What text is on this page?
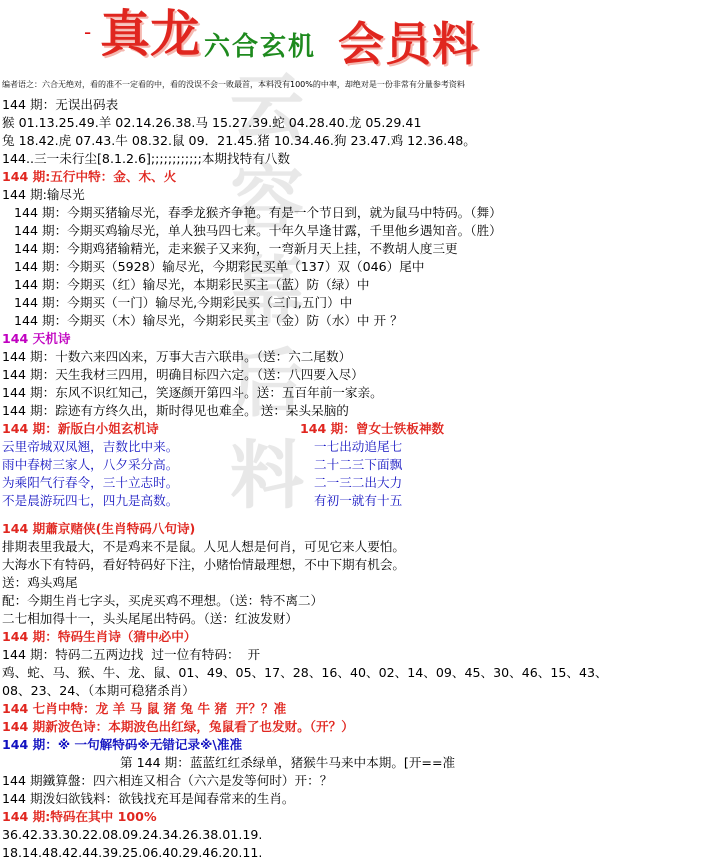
- 真龙 六合玄机 会员料
云
容
幕
后
料
编者语之：六合无绝对，看的准不一定看的中，看的没误不会一败最首，本料没有100%的中率，却绝对是一份非常有分量参考资料
144 期：无误出码表
猴 01.13.25.49.羊 02.14.26.38.马 15.27.39.蛇 04.28.40.龙 05.29.41
兔 18.42.虎 07.43.牛 08.32.鼠 09．21.45.猪 10.34.46.狗 23.47.鸡 12.36.48。
144..三一未行尘[8.1.2.6];;;;;;;;;;;;本期找特有八数
144 期:五行中特：金、木、火
144 期:输尽光
144 期：今期买猪输尽光，春季龙猴齐争艳。有是一个节日到，就为鼠马中特码。（舞）
144 期：今期买鸡输尽光，单人独马四七来。十年久旱逢甘露，千里他乡遇知音。（胜）
144 期：今期鸡猪输精光，走来猴子又来狗，一弯新月天上挂，不教胡人度三更
144 期：今期买（5928）输尽光，今期彩民买单（137）双（046）尾中
144 期：今期买（红）输尽光，本期彩民买主（蓝）防（绿）中
144 期：今期买（一门）输尽光,今期彩民买（三门,五门）中
144 期：今期买（木）输尽光，今期彩民买主（金）防（水）中 开 ？
144 天机诗
144 期：十数六来四凶来，万事大吉六联串。（送：六二尾数）
144 期：天生我材三四用，明确目标四六定。（送：八四要入尽）
144 期：东风不识红知己，笑逐颜开第四斗。送：五百年前一家亲。
144 期：踪迹有方终久出，斯时得见也难全。 送：呆头呆脑的
144 期：新版白小姐玄机诗	144 期：曾女士铁板神数
云里帝城双凤翘，吉数比中来。
雨中春树三家人，八夕采分高。
为乘阳气行春令，三十立志时。
不是晨游玩四七，四九是高数。
一七出动追尾七
二十二三下面飘
二一三二出大力
有初一就有十五
144 期蕭京赌侠(生肖特码八句诗)
排期表里我最大，不是鸡来不是鼠。人见人想是何肖，可见它来人要怕。
大海水下有特码，看好特码好下注，小赌怡情最理想，不中下期有机会。
送：鸡头鸡尾
配：今期生肖七字头，买虎买鸡不理想。（送：特不离二）
二七相加得十一，头头尾尾出特码。（送：红波发财）
144 期：特码生肖诗（猜中必中）
144 期：特码二五两边找  过一位有特码：  开
鸡、蛇、马、猴、牛、龙、鼠、01、49、05、17、28、16、40、02、14、09、45、30、46、15、43、
08、23、24、（本期可稳猪杀肖）
144 七肖中特：龙 羊 马 鼠 猪 兔 牛 猪  开？？准
144 期新波色诗：本期波色出红绿，兔鼠看了也发财。（开？）
144 期：※ 一句解特码※无错记录※\准准
第 144 期：蓝蓝红红杀绿单，猪猴牛马来中本期。[开==准
144 期鐵算盤：四六相连又相合（六六是发等何时）开：？
144 期泼妇欲钱料：欲钱找充耳是闻春常来的生肖。
144 期:特码在其中 100%
36.42.33.30.22.08.09.24.34.26.38.01.19.
18.14.48.42.44.39.25.06.40.29.46.20.11.
